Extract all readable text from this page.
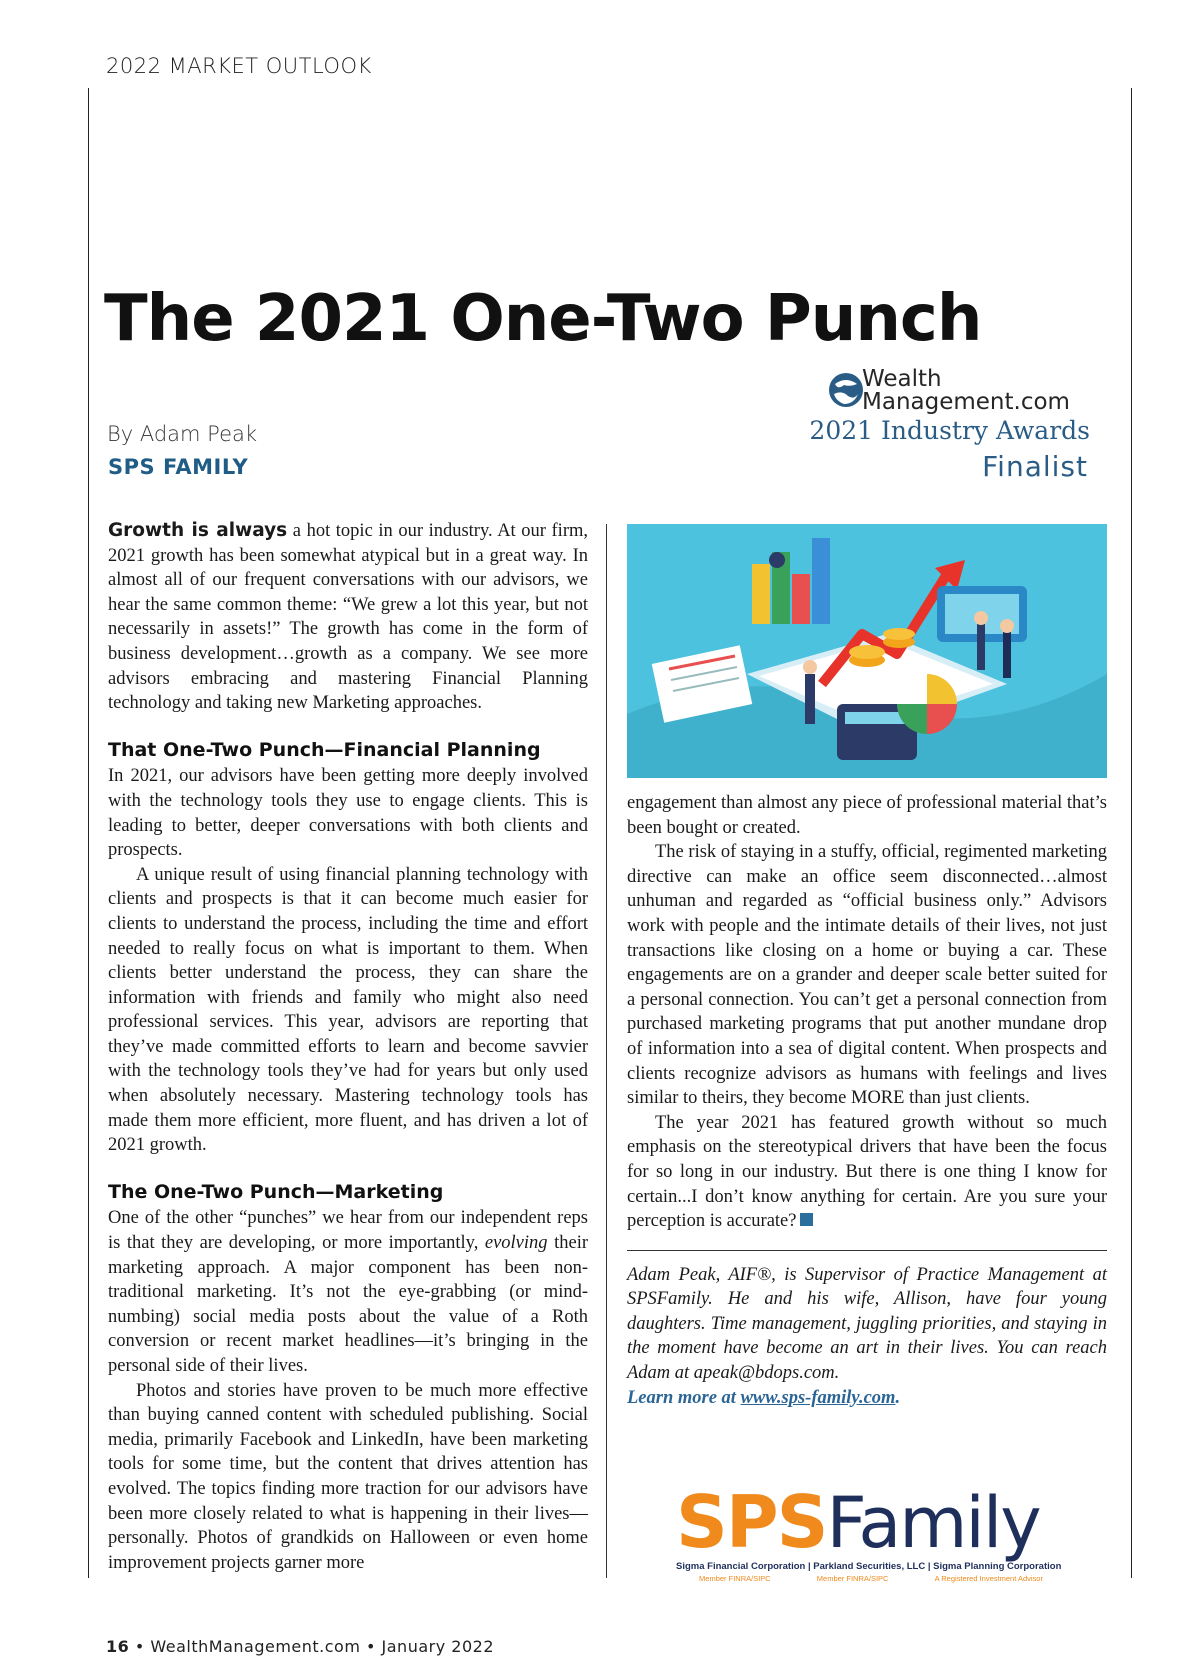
2022 MARKET OUTLOOK
The 2021 One-Two Punch
By Adam Peak
SPS FAMILY
Wealth
Management.com
2021 Industry Awards
Finalist

Growth is always a hot topic in our industry. At our firm, 2021 growth has been somewhat atypical but in a great way. In almost all of our frequent conversations with our advisors, we hear the same common theme: “We grew a lot this year, but not necessarily in assets!” The growth has come in the form of business development…growth as a company. We see more advisors embracing and mastering Financial Planning technology and taking new Marketing approaches.

That One-Two Punch—Financial Planning

In 2021, our advisors have been getting more deeply involved with the technology tools they use to engage clients. This is leading to better, deeper conversations with both clients and prospects.

A unique result of using financial planning technology with clients and prospects is that it can become much easier for clients to understand the process, including the time and effort needed to really focus on what is important to them. When clients better understand the process, they can share the information with friends and family who might also need professional services. This year, advisors are reporting that they’ve made committed efforts to learn and become savvier with the technology tools they’ve had for years but only used when absolutely necessary. Mastering technology tools has made them more efficient, more fluent, and has driven a lot of 2021 growth.

The One-Two Punch—Marketing

One of the other “punches” we hear from our independent reps is that they are developing, or more importantly, evolving their marketing approach. A major component has been non-traditional marketing. It’s not the eye-grabbing (or mind-numbing) social media posts about the value of a Roth conversion or recent market headlines—it’s bringing in the personal side of their lives.

Photos and stories have proven to be much more effective than buying canned content with scheduled publishing. Social media, primarily Facebook and LinkedIn, have been marketing tools for some time, but the content that drives attention has evolved. The topics finding more traction for our advisors have been more closely related to what is happening in their lives—personally. Photos of grandkids on Halloween or even home improvement projects garner more

engagement than almost any piece of professional material that’s been bought or created.

The risk of staying in a stuffy, official, regimented marketing directive can make an office seem disconnected…almost unhuman and regarded as “official business only.” Advisors work with people and the intimate details of their lives, not just transactions like closing on a home or buying a car. These engagements are on a grander and deeper scale better suited for a personal connection. You can’t get a personal connection from purchased marketing programs that put another mundane drop of information into a sea of digital content. When prospects and clients recognize advisors as humans with feelings and lives similar to theirs, they become MORE than just clients.

The year 2021 has featured growth without so much emphasis on the stereotypical drivers that have been the focus for so long in our industry. But there is one thing I know for certain...I don’t know anything for certain. Are you sure your perception is accurate?

Adam Peak, AIF®, is Supervisor of Practice Management at SPSFamily. He and his wife, Allison, have four young daughters. Time management, juggling priorities, and staying in the moment have become an art in their lives. You can reach Adam at apeak@bdops.com.

Learn more at www.sps-family.com.

SPSFamily
Sigma Financial Corporation | Parkland Securities, LLC | Sigma Planning Corporation
Member FINRA/SIPC	Member FINRA/SIPC	A Registered Investment Advisor
16 • WealthManagement.com • January 2022
